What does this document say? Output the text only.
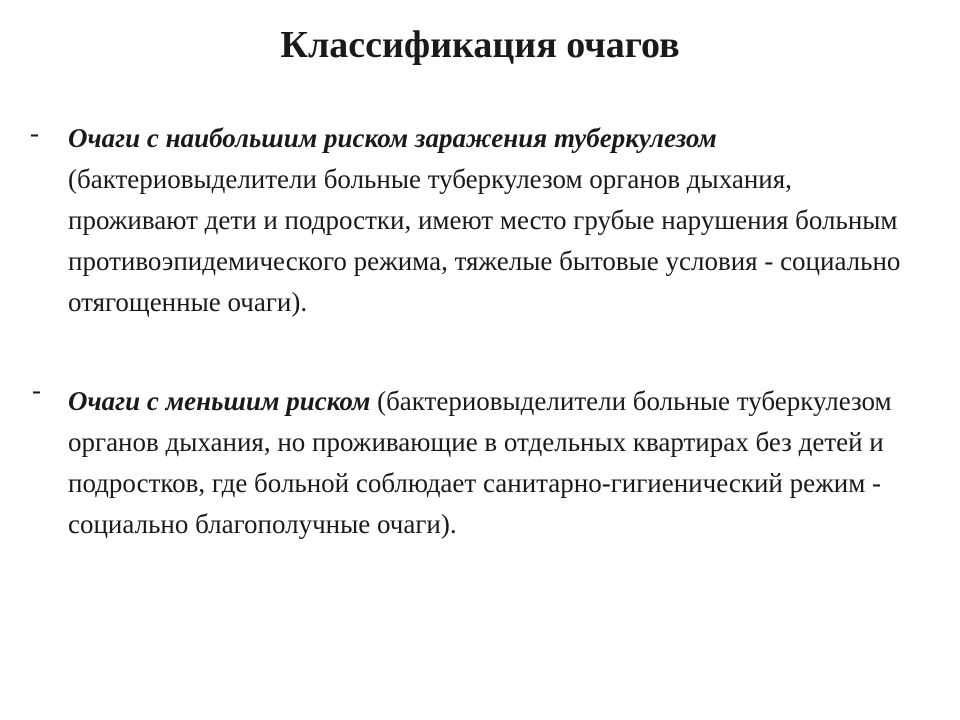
Классификация очагов
- Очаги с наибольшим риском заражения туберкулезом (бактериовыделители больные туберкулезом органов дыхания, проживают дети и подростки, имеют место грубые нарушения больным противоэпидемического режима, тяжелые бытовые условия - социально отягощенные очаги).
- Очаги с меньшим риском (бактериовыделители больные туберкулезом органов дыхания, но проживающие в отдельных квартирах без детей и подростков, где больной соблюдает санитарно-гигиенический режим - социально благополучные очаги).
